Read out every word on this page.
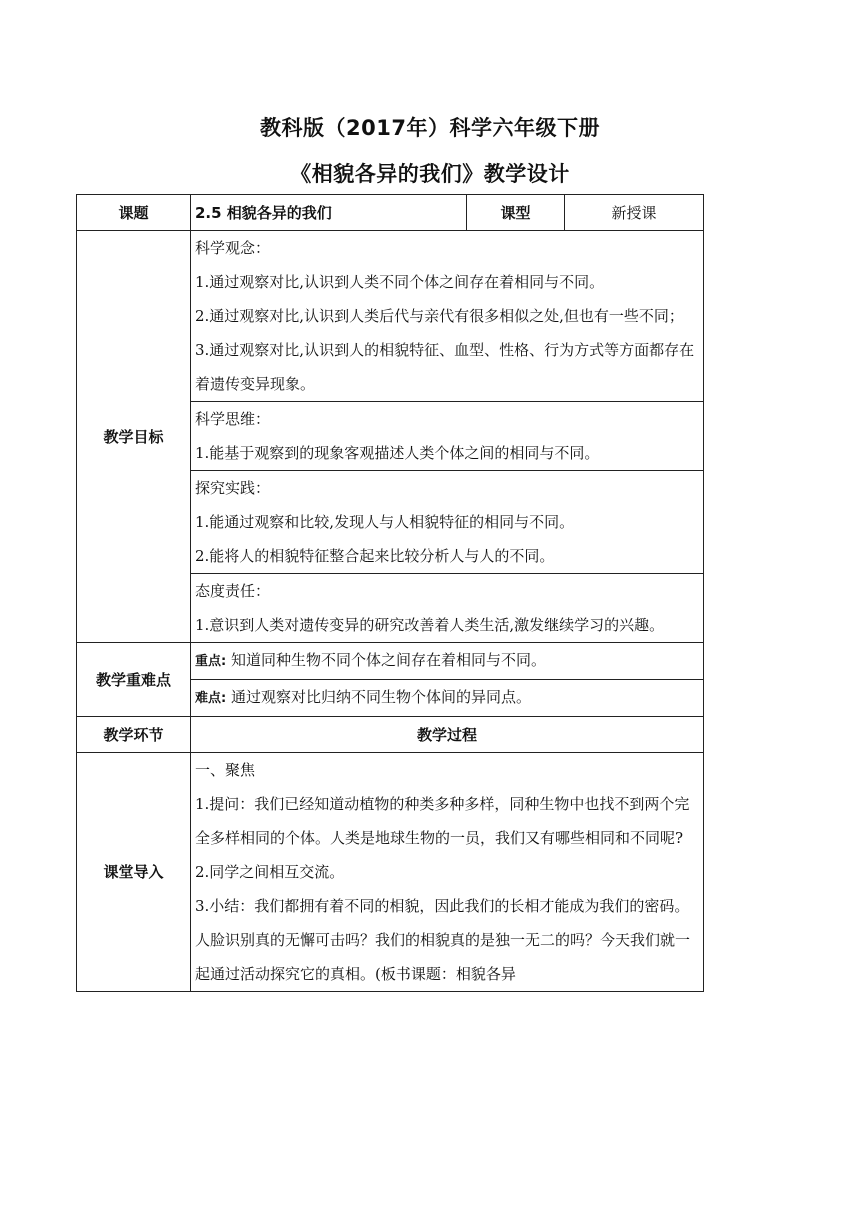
教科版（2017年）科学六年级下册
《相貌各异的我们》教学设计
课题	2.5 相貌各异的我们	课型	新授课
教学目标	科学观念：

1.通过观察对比,认识到人类不同个体之间存在着相同与不同。

2.通过观察对比,认识到人类后代与亲代有很多相似之处,但也有一些不同；

3.通过观察对比,认识到人的相貌特征、血型、性格、行为方式等方面都存在着遗传变异现象。		

	科学思维：

1.能基于观察到的现象客观描述人类个体之间的相同与不同。		

	探究实践：

1.能通过观察和比较,发现人与人相貌特征的相同与不同。

2.能将人的相貌特征整合起来比较分析人与人的不同。		

	态度责任：

1.意识到人类对遗传变异的研究改善着人类生活,激发继续学习的兴趣。		

教学重难点	重点: 知道同种生物不同个体之间存在着相同与不同。		
	难点: 通过观察对比归纳不同生物个体间的异同点。		
教学环节	教学过程		
课堂导入	一、聚焦

1.提问：我们已经知道动植物的种类多种多样，同种生物中也找不到两个完全多样相同的个体。人类是地球生物的一员，我们又有哪些相同和不同呢?

2.同学之间相互交流。

3.小结：我们都拥有着不同的相貌，因此我们的长相才能成为我们的密码。人脸识别真的无懈可击吗？我们的相貌真的是独一无二的吗？今天我们就一起通过活动探究它的真相。(板书课题：相貌各异		
